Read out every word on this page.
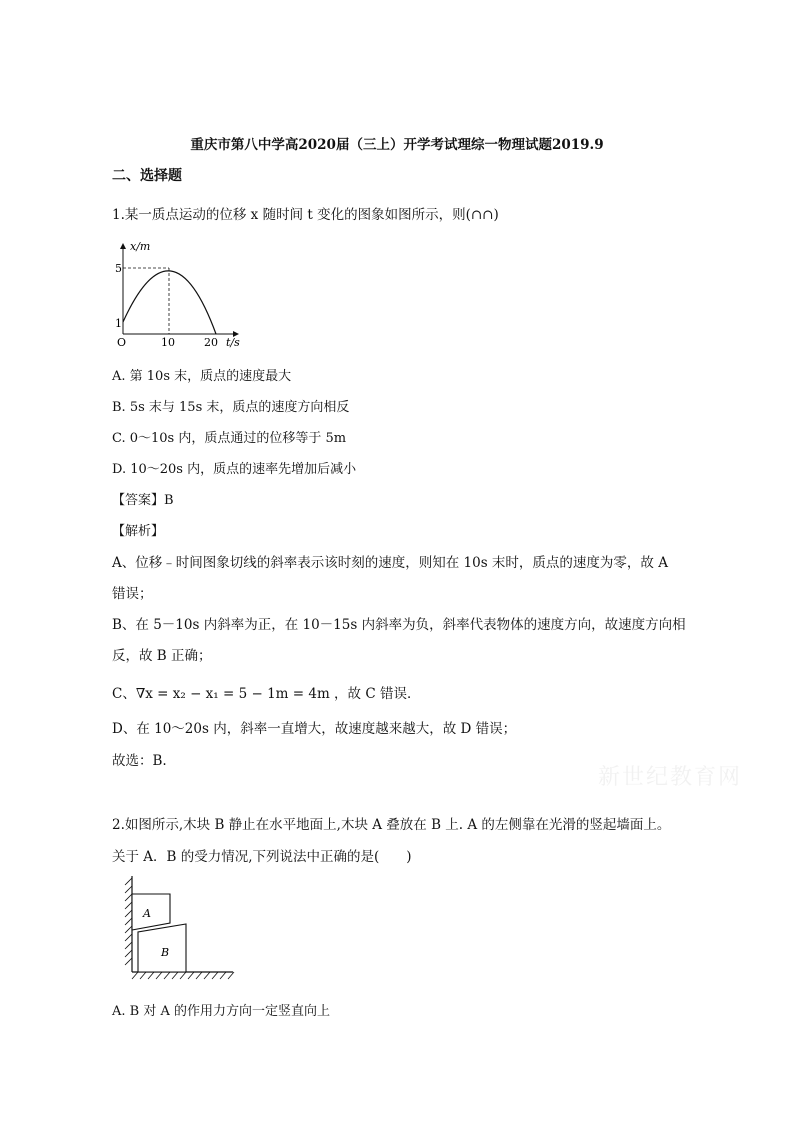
重庆市第八中学高2020届（三上）开学考试理综一物理试题2019.9
二、选择题
1.某一质点运动的位移 x 随时间 t 变化的图象如图所示，则(∩∩)
x/m
5
1
O	10	20 t/s
A. 第 10s 末，质点的速度最大
B. 5s 末与 15s 末，质点的速度方向相反
C. 0～10s 内，质点通过的位移等于 5m
D. 10～20s 内，质点的速率先增加后减小
【答案】B
【解析】
A、位移﹣时间图象切线的斜率表示该时刻的速度，则知在 10s 末时，质点的速度为零，故 A
错误；
B、在 5－10s 内斜率为正，在 10－15s 内斜率为负，斜率代表物体的速度方向，故速度方向相
反，故 B 正确；
C、∇x = x₂ − x₁ = 5 − 1m = 4m ，故 C 错误．
D、在 10～20s 内，斜率一直增大，故速度越来越大，故 D 错误；
故选：B.
新世纪教育网
2.如图所示,木块 B 静止在水平地面上,木块 A 叠放在 B 上. A 的左侧靠在光滑的竖起墙面上。
关于 A．B 的受力情况,下列说法中正确的是(　　)
A
B
A. B 对 A 的作用力方向一定竖直向上
